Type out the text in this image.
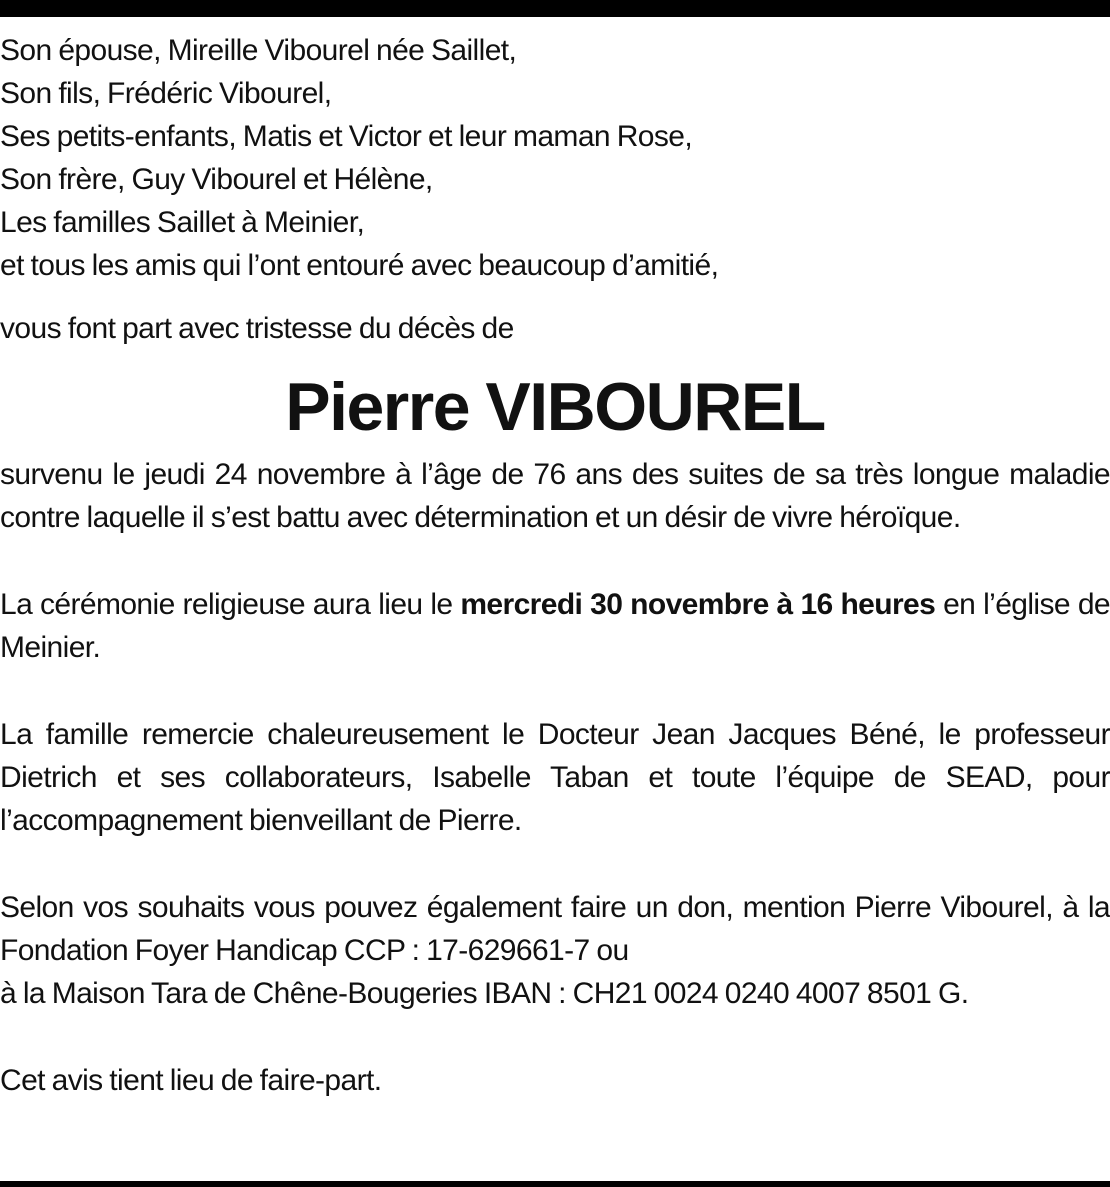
Son épouse, Mireille Vibourel née Saillet,
Son fils, Frédéric Vibourel,
Ses petits-enfants, Matis et Victor et leur maman Rose,
Son frère, Guy Vibourel et Hélène,
Les familles Saillet à Meinier,
et tous les amis qui l’ont entouré avec beaucoup d’amitié,
vous font part avec tristesse du décès de
Pierre VIBOUREL
survenu le jeudi 24 novembre à l’âge de 76 ans des suites de sa très longue maladie contre laquelle il s’est battu avec détermination et un désir de vivre héroïque.
La cérémonie religieuse aura lieu le mercredi 30 novembre à 16 heures en l’église de Meinier.
La famille remercie chaleureusement le Docteur Jean Jacques Béné, le professeur Dietrich et ses collaborateurs, Isabelle Taban et toute l’équipe de SEAD, pour l’accompagnement bienveillant de Pierre.
Selon vos souhaits vous pouvez également faire un don, mention Pierre Vibourel, à la Fondation Foyer Handicap CCP : 17-629661-7 ou
à la Maison Tara de Chêne-Bougeries IBAN : CH21 0024 0240 4007 8501 G.
Cet avis tient lieu de faire-part.
